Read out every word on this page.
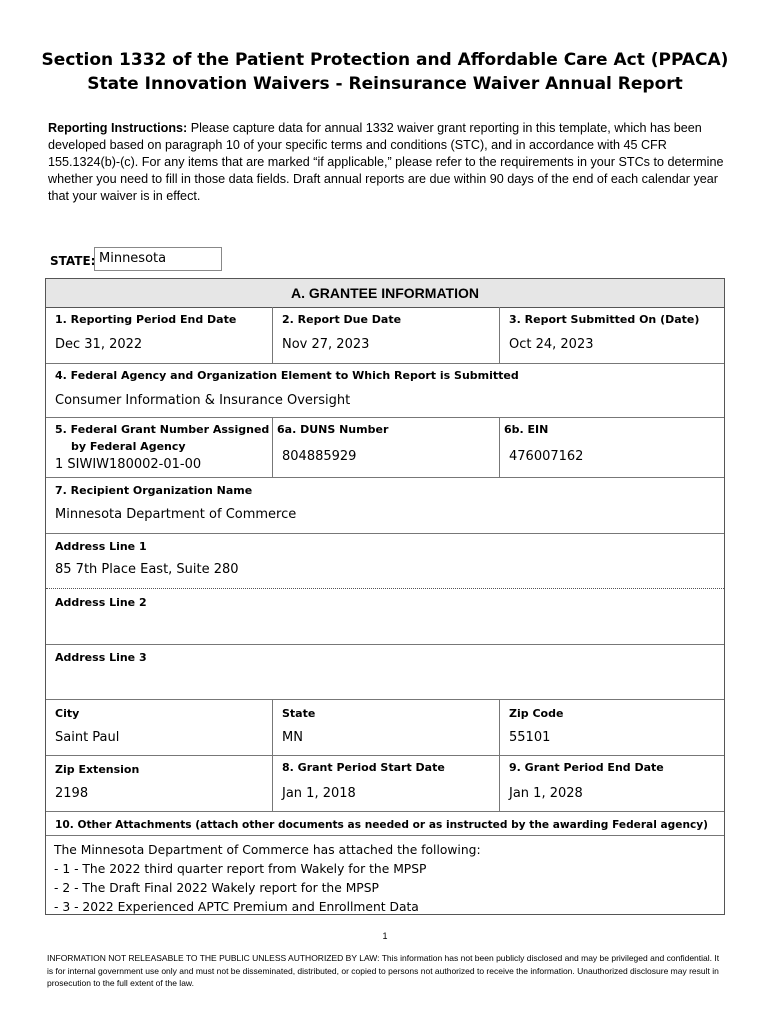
Section 1332 of the Patient Protection and Affordable Care Act (PPACA)
State Innovation Waivers - Reinsurance Waiver Annual Report
Reporting Instructions: Please capture data for annual 1332 waiver grant reporting in this template, which has been developed based on paragraph 10 of your specific terms and conditions (STC), and in accordance with 45 CFR 155.1324(b)-(c). For any items that are marked “if applicable,” please refer to the requirements in your STCs to determine whether you need to fill in those data fields. Draft annual reports are due within 90 days of the end of each calendar year that your waiver is in effect.
STATE: Minnesota
A. GRANTEE INFORMATION
1. Reporting Period End Date
Dec 31, 2022
2. Report Due Date
Nov 27, 2023
3. Report Submitted On (Date)
Oct 24, 2023
4. Federal Agency and Organization Element to Which Report is Submitted
Consumer Information & Insurance Oversight
5. Federal Grant Number Assigned
by Federal Agency
1 SIWIW180002-01-00
6a. DUNS Number
804885929
6b. EIN
476007162
7. Recipient Organization Name
Minnesota Department of Commerce
Address Line 1
85 7th Place East, Suite 280
Address Line 2
Address Line 3
City
Saint Paul
State
MN
Zip Code
55101
Zip Extension
2198
8. Grant Period Start Date
Jan 1, 2018
9. Grant Period End Date
Jan 1, 2028
10. Other Attachments (attach other documents as needed or as instructed by the awarding Federal agency)
The Minnesota Department of Commerce has attached the following:
- 1 - The 2022 third quarter report from Wakely for the MPSP
- 2 - The Draft Final 2022 Wakely report for the MPSP
- 3 - 2022 Experienced APTC Premium and Enrollment Data
1
INFORMATION NOT RELEASABLE TO THE PUBLIC UNLESS AUTHORIZED BY LAW: This information has not been publicly disclosed and may be privileged and confidential. It is for internal government use only and must not be disseminated, distributed, or copied to persons not authorized to receive the information. Unauthorized disclosure may result in prosecution to the full extent of the law.
